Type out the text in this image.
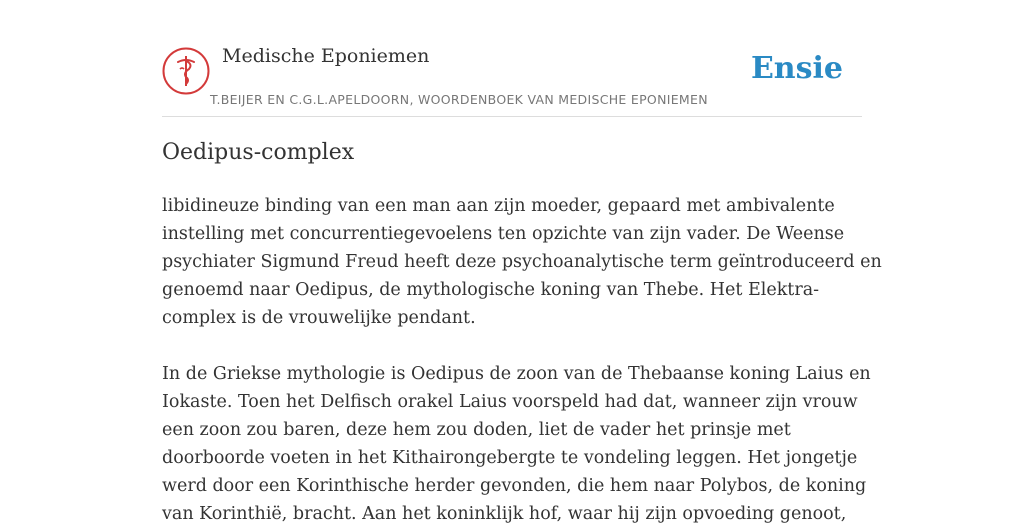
Medische Eponiemen
T.BEIJER EN C.G.L.APELDOORN, WOORDENBOEK VAN MEDISCHE EPONIEMEN
Ensie
Oedipus-complex
libidineuze binding van een man aan zijn moeder, gepaard met ambivalente
instelling met concurrentiegevoelens ten opzichte van zijn vader. De Weense
psychiater Sigmund Freud heeft deze psychoanalytische term geïntroduceerd en
genoemd naar Oedipus, de mythologische koning van Thebe. Het Elektra-
complex is de vrouwelijke pendant.
In de Griekse mythologie is Oedipus de zoon van de Thebaanse koning Laius en
Iokaste. Toen het Delfisch orakel Laius voorspeld had dat, wanneer zijn vrouw
een zoon zou baren, deze hem zou doden, liet de vader het prinsje met
doorboorde voeten in het Kithairongebergte te vondeling leggen. Het jongetje
werd door een Korinthische herder gevonden, die hem naar Polybos, de koning
van Korinthië, bracht. Aan het koninklijk hof, waar hij zijn opvoeding genoot,
